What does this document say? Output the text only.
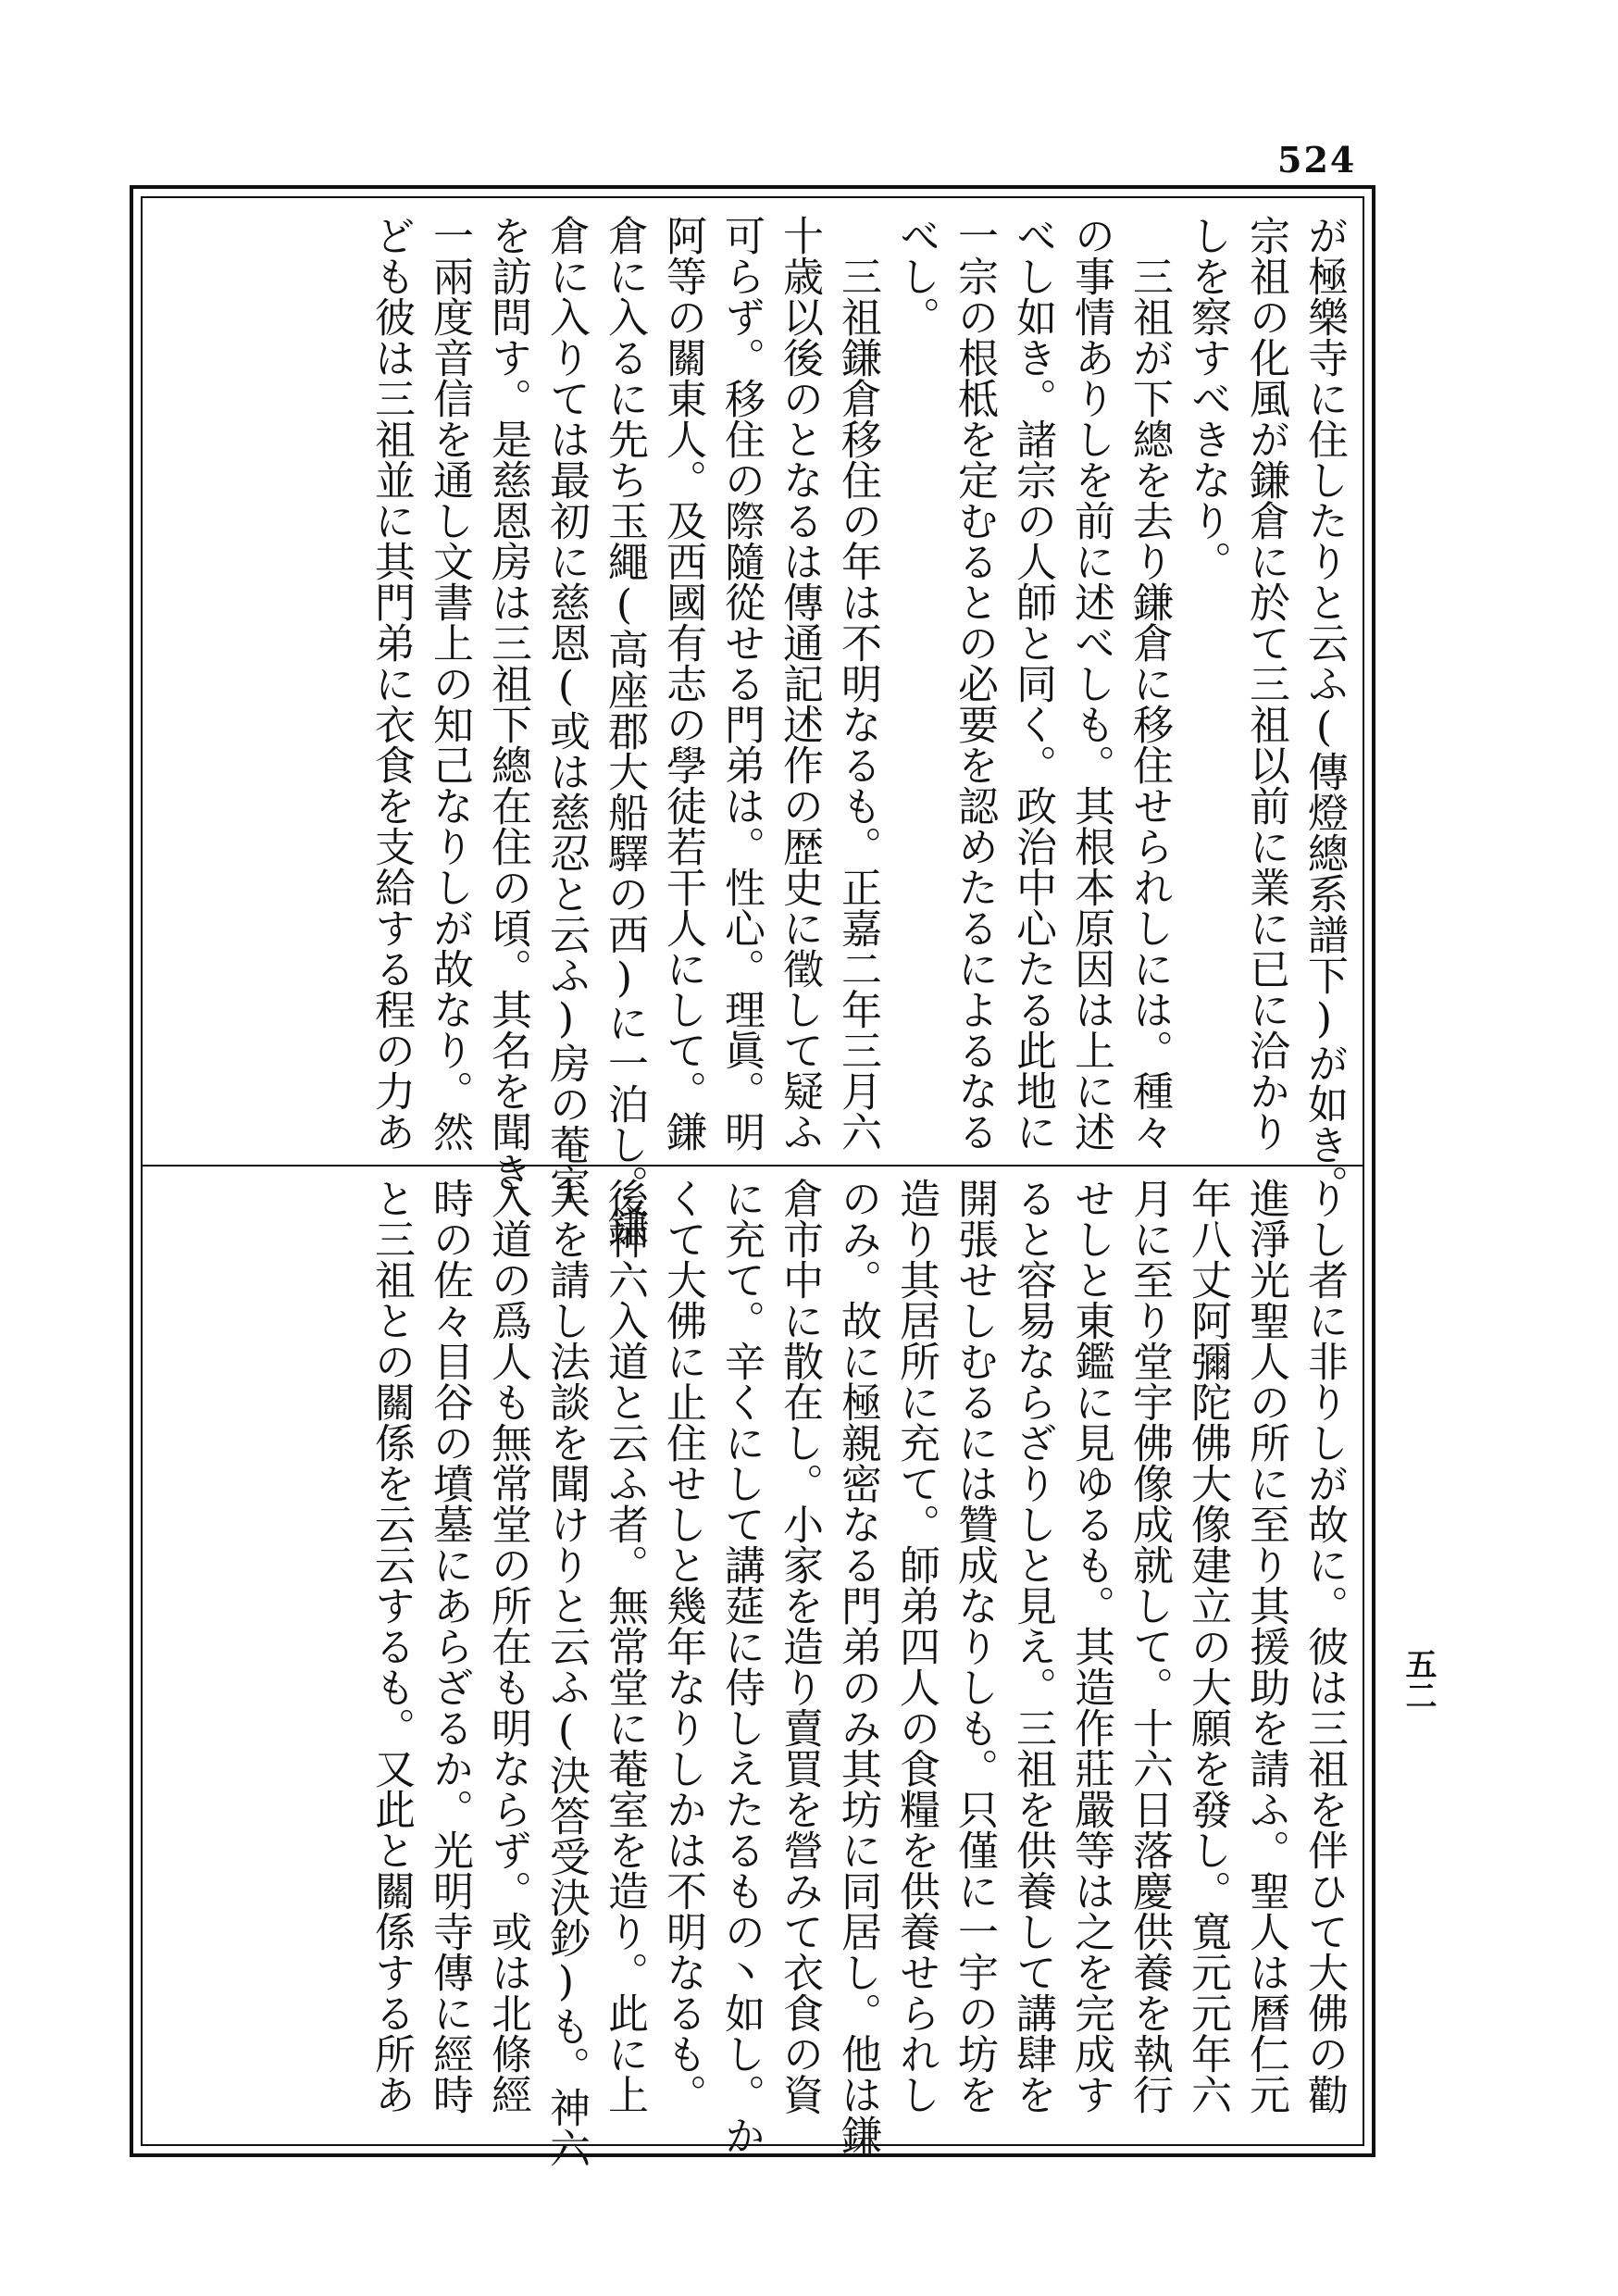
524
が極樂寺に住したりと云ふ(傳燈總系譜下)が如き。
宗祖の化風が鎌倉に於て三祖以前に業に已に洽かり
しを察すべきなり。
　三祖が下總を去り鎌倉に移住せられしには。種々
の事情ありしを前に述べしも。其根本原因は上に述
べし如き。諸宗の人師と同く。政治中心たる此地に
一宗の根柢を定むるとの必要を認めたるによるなる
べし。
　三祖鎌倉移住の年は不明なるも。正嘉二年三月六
十歳以後のとなるは傳通記述作の歴史に徵して疑ふ
可らず。移住の際隨從せる門弟は。性心。理眞。明
阿等の關東人。及西國有志の學徒若干人にして。鎌
倉に入るに先ち玉繩(高座郡大船驛の西)に一泊し。鎌
倉に入りては最初に慈恩(或は慈忍と云ふ)房の菴室
を訪問す。是慈恩房は三祖下總在住の頃。其名を聞き
一兩度音信を通し文書上の知己なりしが故なり。然
ども彼は三祖並に其門弟に衣食を支給する程の力あ
りし者に非りしが故に。彼は三祖を伴ひて大佛の勸
進淨光聖人の所に至り其援助を請ふ。聖人は曆仁元
年八丈阿彌陀佛大像建立の大願を發し。寬元元年六
月に至り堂宇佛像成就して。十六日落慶供養を執行
せしと東鑑に見ゆるも。其造作莊嚴等は之を完成す
ると容易ならざりしと見え。三祖を供養して講肆を
開張せしむるには贊成なりしも。只僅に一宇の坊を
造り其居所に充て。師弟四人の食糧を供養せられし
のみ。故に極親密なる門弟のみ其坊に同居し。他は鎌
倉市中に散在し。小家を造り賣買を營みて衣食の資
に充て。辛くにして講莚に侍しえたるもの丶如し。か
くて大佛に止住せしと幾年なりしかは不明なるも。
後神六入道と云ふ者。無常堂に菴室を造り。此に上
人を請し法談を聞けりと云ふ(決答受決鈔)も。神六
入道の爲人も無常堂の所在も明ならず。或は北條經
時の佐々目谷の墳墓にあらざるか。光明寺傳に經時
と三祖との關係を云云するも。又此と關係する所あ	五二
